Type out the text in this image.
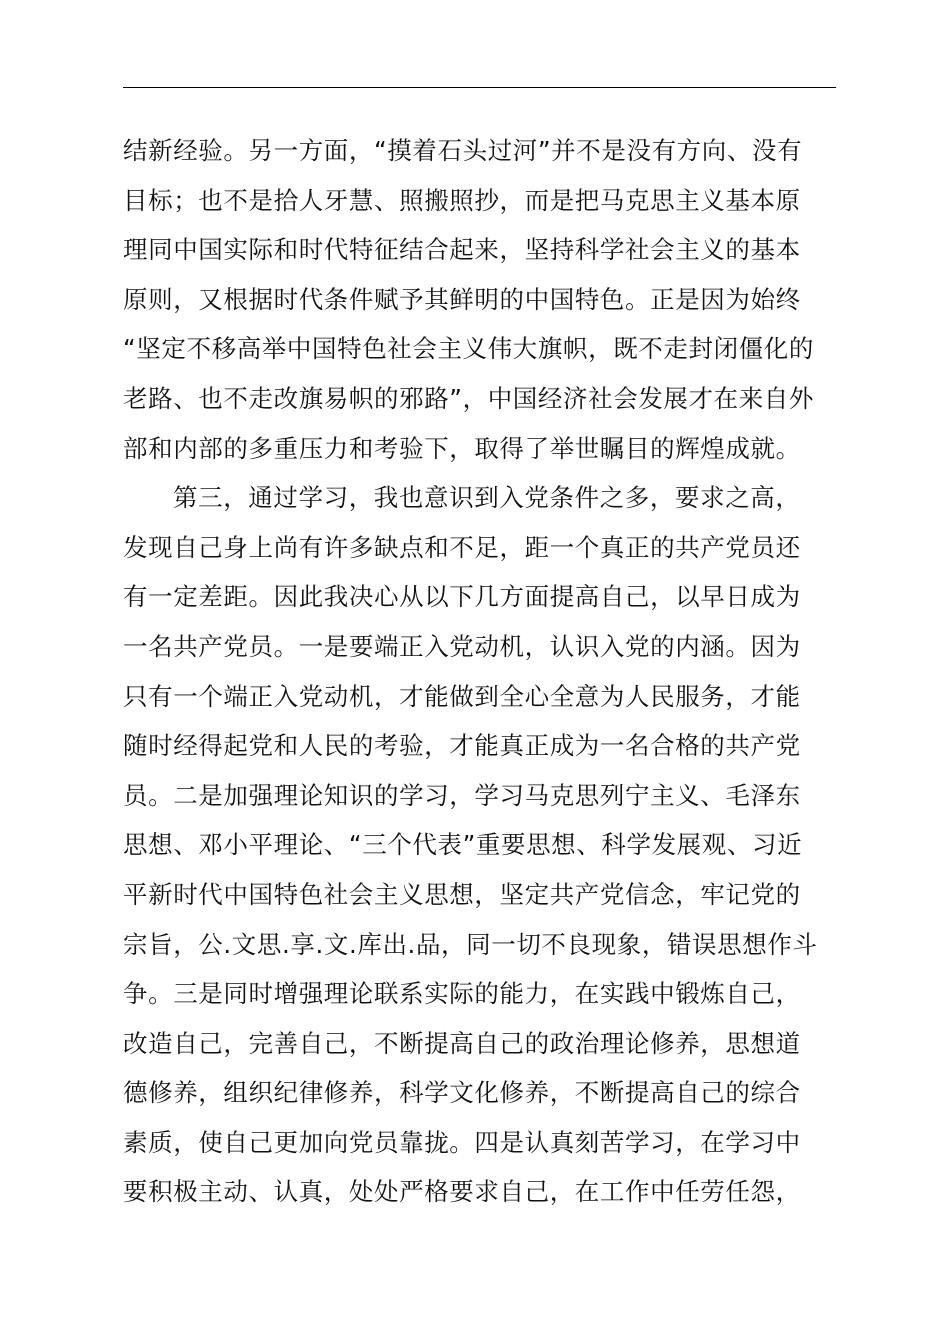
结新经验。另一方面，“摸着石头过河”并不是没有方向、没有
目标；也不是拾人牙慧、照搬照抄，而是把马克思主义基本原
理同中国实际和时代特征结合起来，坚持科学社会主义的基本
原则，又根据时代条件赋予其鲜明的中国特色。正是因为始终
“坚定不移高举中国特色社会主义伟大旗帜，既不走封闭僵化的
老路、也不走改旗易帜的邪路”，中国经济社会发展才在来自外
部和内部的多重压力和考验下，取得了举世瞩目的辉煌成就。
第三，通过学习，我也意识到入党条件之多，要求之高，
发现自己身上尚有许多缺点和不足，距一个真正的共产党员还
有一定差距。因此我决心从以下几方面提高自己，以早日成为
一名共产党员。一是要端正入党动机，认识入党的内涵。因为
只有一个端正入党动机，才能做到全心全意为人民服务，才能
随时经得起党和人民的考验，才能真正成为一名合格的共产党
员。二是加强理论知识的学习，学习马克思列宁主义、毛泽东
思想、邓小平理论、“三个代表”重要思想、科学发展观、习近
平新时代中国特色社会主义思想，坚定共产党信念，牢记党的
宗旨，公.文思.享.文.库出.品，同一切不良现象，错误思想作斗
争。三是同时增强理论联系实际的能力，在实践中锻炼自己，
改造自己，完善自己，不断提高自己的政治理论修养，思想道
德修养，组织纪律修养，科学文化修养，不断提高自己的综合
素质，使自己更加向党员靠拢。四是认真刻苦学习，在学习中
要积极主动、认真，处处严格要求自己，在工作中任劳任怨，
